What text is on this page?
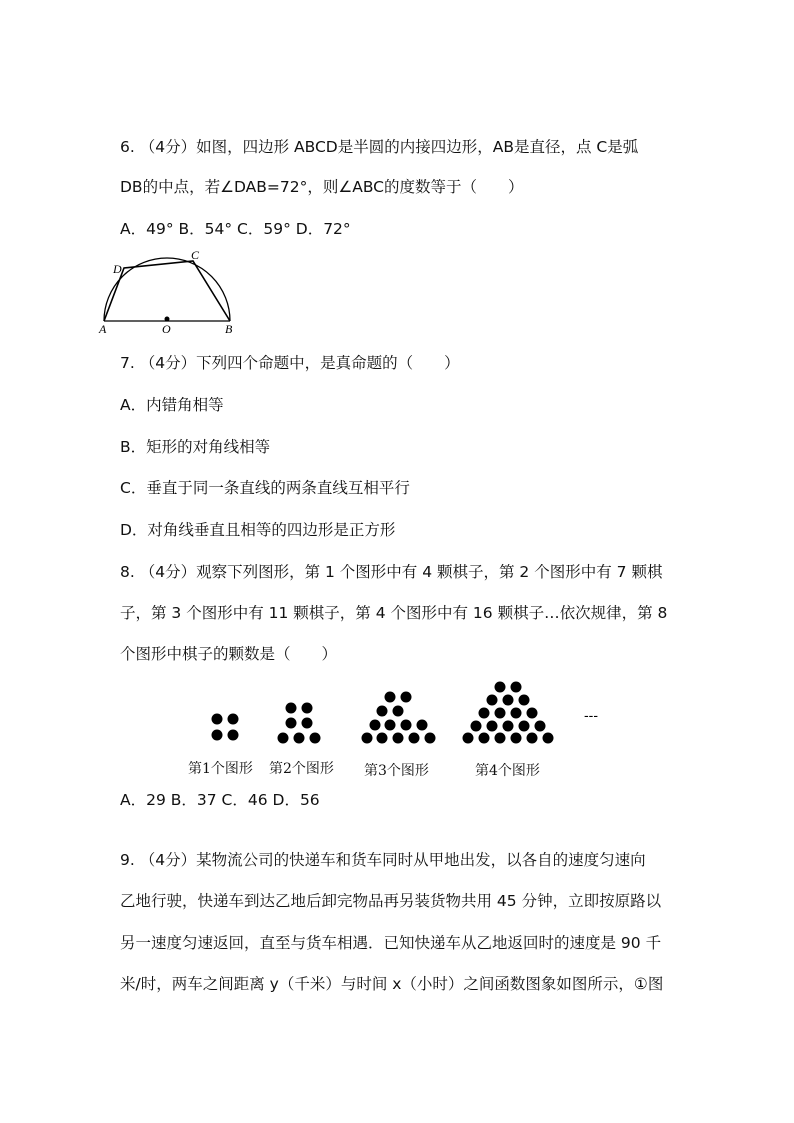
6. （4分）如图，四边形 ABCD是半圆的内接四边形，AB是直径，点 C是弧
DB的中点，若∠DAB=72°，则∠ABC的度数等于（　　）
A．49° B．54° C．59° D．72°
A	B
C
D
O
7. （4分）下列四个命题中，是真命题的（　　）
A．内错角相等
B．矩形的对角线相等
C．垂直于同一条直线的两条直线互相平行
D．对角线垂直且相等的四边形是正方形
8. （4分）观察下列图形，第 1 个图形中有 4 颗棋子，第 2 个图形中有 7 颗棋
子，第 3 个图形中有 11 颗棋子，第 4 个图形中有 16 颗棋子…依次规律，第 8
个图形中棋子的颗数是（　　）
---
第1个图形 第2个图形 第3个图形	第4个图形
A．29 B．37 C．46 D．56
9. （4分）某物流公司的快递车和货车同时从甲地出发，以各自的速度匀速向
乙地行驶，快递车到达乙地后卸完物品再另装货物共用 45 分钟，立即按原路以
另一速度匀速返回，直至与货车相遇．已知快递车从乙地返回时的速度是 90 千
米/时，两车之间距离 y（千米）与时间 x（小时）之间函数图象如图所示，①图
